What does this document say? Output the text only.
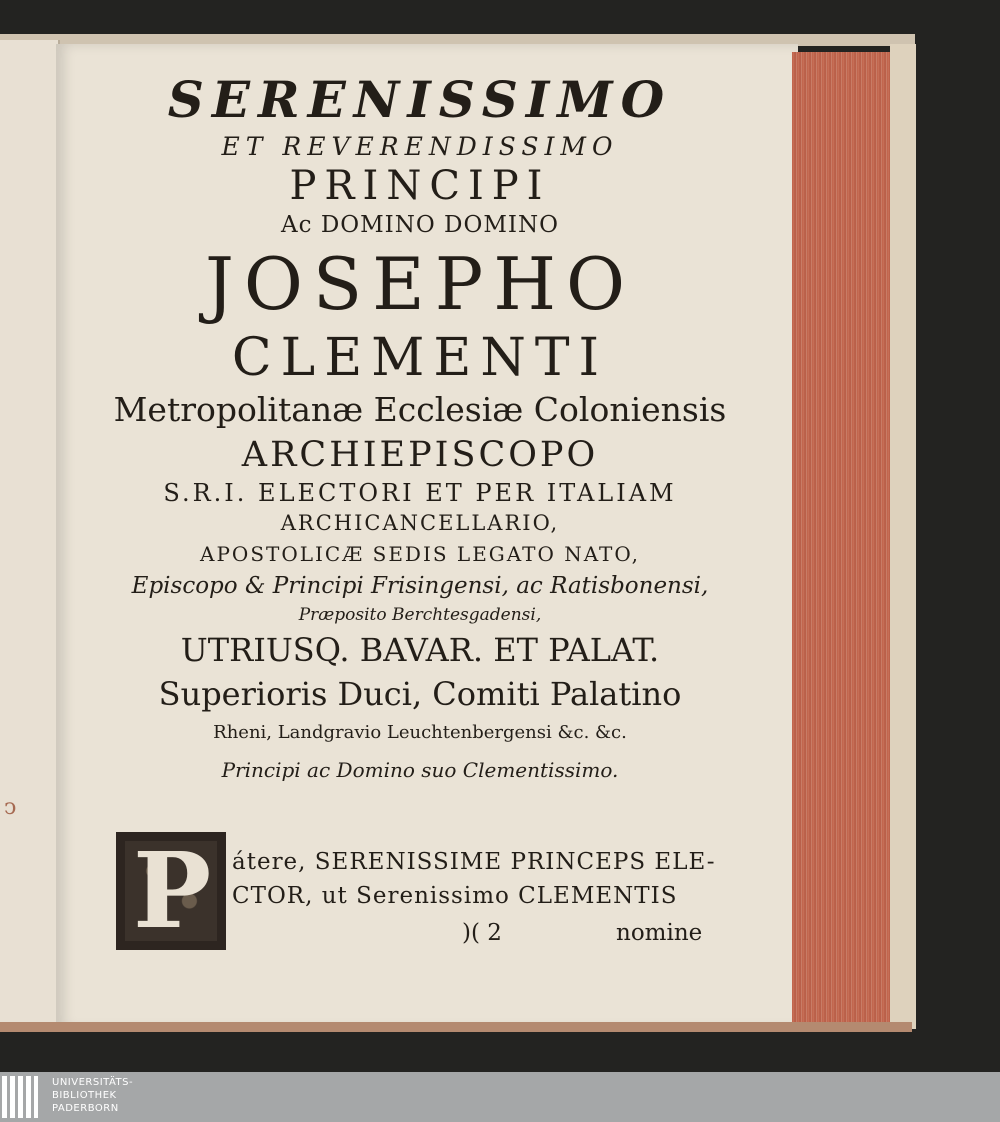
ↄ
SERENISSIMO
ET REVERENDISSIMO
PRINCIPI
Ac DOMINO DOMINO
JOSEPHO
CLEMENTI
Metropolitanæ Ecclesiæ Coloniensis
ARCHIEPISCOPO
S.R.I. ELECTORI ET PER ITALIAM
ARCHICANCELLARIO,
APOSTOLICÆ SEDIS LEGATO NATO,
Episcopo & Principi Frisingensi, ac Ratisbonensi,
Præposito Berchtesgadensi,
UTRIUSQ. BAVAR. ET PALAT.
Superioris Duci, Comiti Palatino
Rheni, Landgravio Leuchtenbergensi &c. &c.
Principi ac Domino suo Clementissimo.
P átere, SERENISSIME PRINCEPS ELE-
CTOR, ut Serenissimo CLEMENTIS
)( 2	nomine
UNIVERSITÄTS-
BIBLIOTHEK
PADERBORN
